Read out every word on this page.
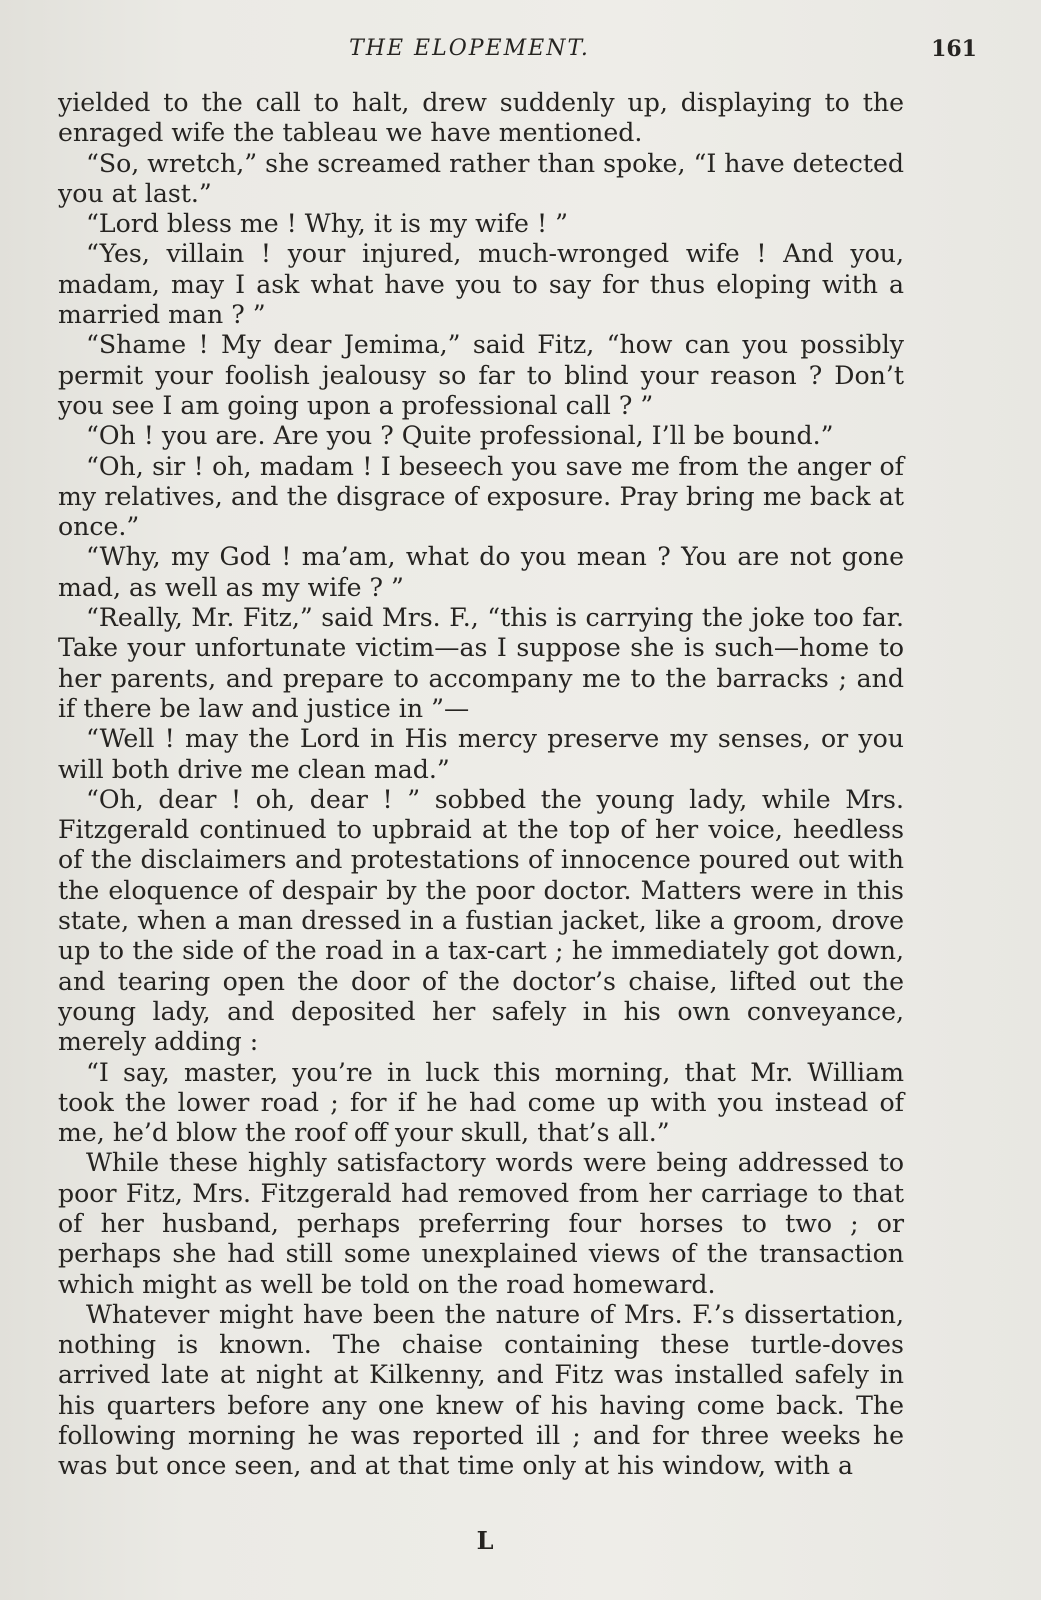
THE ELOPEMENT.	161

yielded to the call to halt, drew suddenly up, displaying to the enraged wife the tableau we have mentioned.

“So, wretch,” she screamed rather than spoke, “I have detected you at last.”

“Lord bless me ! Why, it is my wife ! ”

“Yes, villain ! your injured, much-wronged wife ! And you, madam, may I ask what have you to say for thus eloping with a married man ? ”

“Shame ! My dear Jemima,” said Fitz, “how can you possibly permit your foolish jealousy so far to blind your reason ? Don’t you see I am going upon a professional call ? ”

“Oh ! you are. Are you ? Quite professional, I’ll be bound.”

“Oh, sir ! oh, madam ! I beseech you save me from the anger of my relatives, and the disgrace of exposure. Pray bring me back at once.”

“Why, my God ! ma’am, what do you mean ? You are not gone mad, as well as my wife ? ”

“Really, Mr. Fitz,” said Mrs. F., “this is carrying the joke too far. Take your unfortunate victim—as I suppose she is such—home to her parents, and prepare to accompany me to the barracks ; and if there be law and justice in ”—

“Well ! may the Lord in His mercy preserve my senses, or you will both drive me clean mad.”

“Oh, dear ! oh, dear ! ” sobbed the young lady, while Mrs. Fitzgerald continued to upbraid at the top of her voice, heedless of the disclaimers and protestations of innocence poured out with the eloquence of despair by the poor doctor. Matters were in this state, when a man dressed in a fustian jacket, like a groom, drove up to the side of the road in a tax-cart ; he immediately got down, and tearing open the door of the doctor’s chaise, lifted out the young lady, and deposited her safely in his own conveyance, merely adding :

“I say, master, you’re in luck this morning, that Mr. William took the lower road ; for if he had come up with you instead of me, he’d blow the roof off your skull, that’s all.”

While these highly satisfactory words were being addressed to poor Fitz, Mrs. Fitzgerald had removed from her carriage to that of her husband, perhaps preferring four horses to two ; or perhaps she had still some unexplained views of the transaction which might as well be told on the road homeward.

Whatever might have been the nature of Mrs. F.’s dissertation, nothing is known. The chaise containing these turtle-doves arrived late at night at Kilkenny, and Fitz was installed safely in his quarters before any one knew of his having come back. The following morning he was reported ill ; and for three weeks he was but once seen, and at that time only at his window, with a

L
